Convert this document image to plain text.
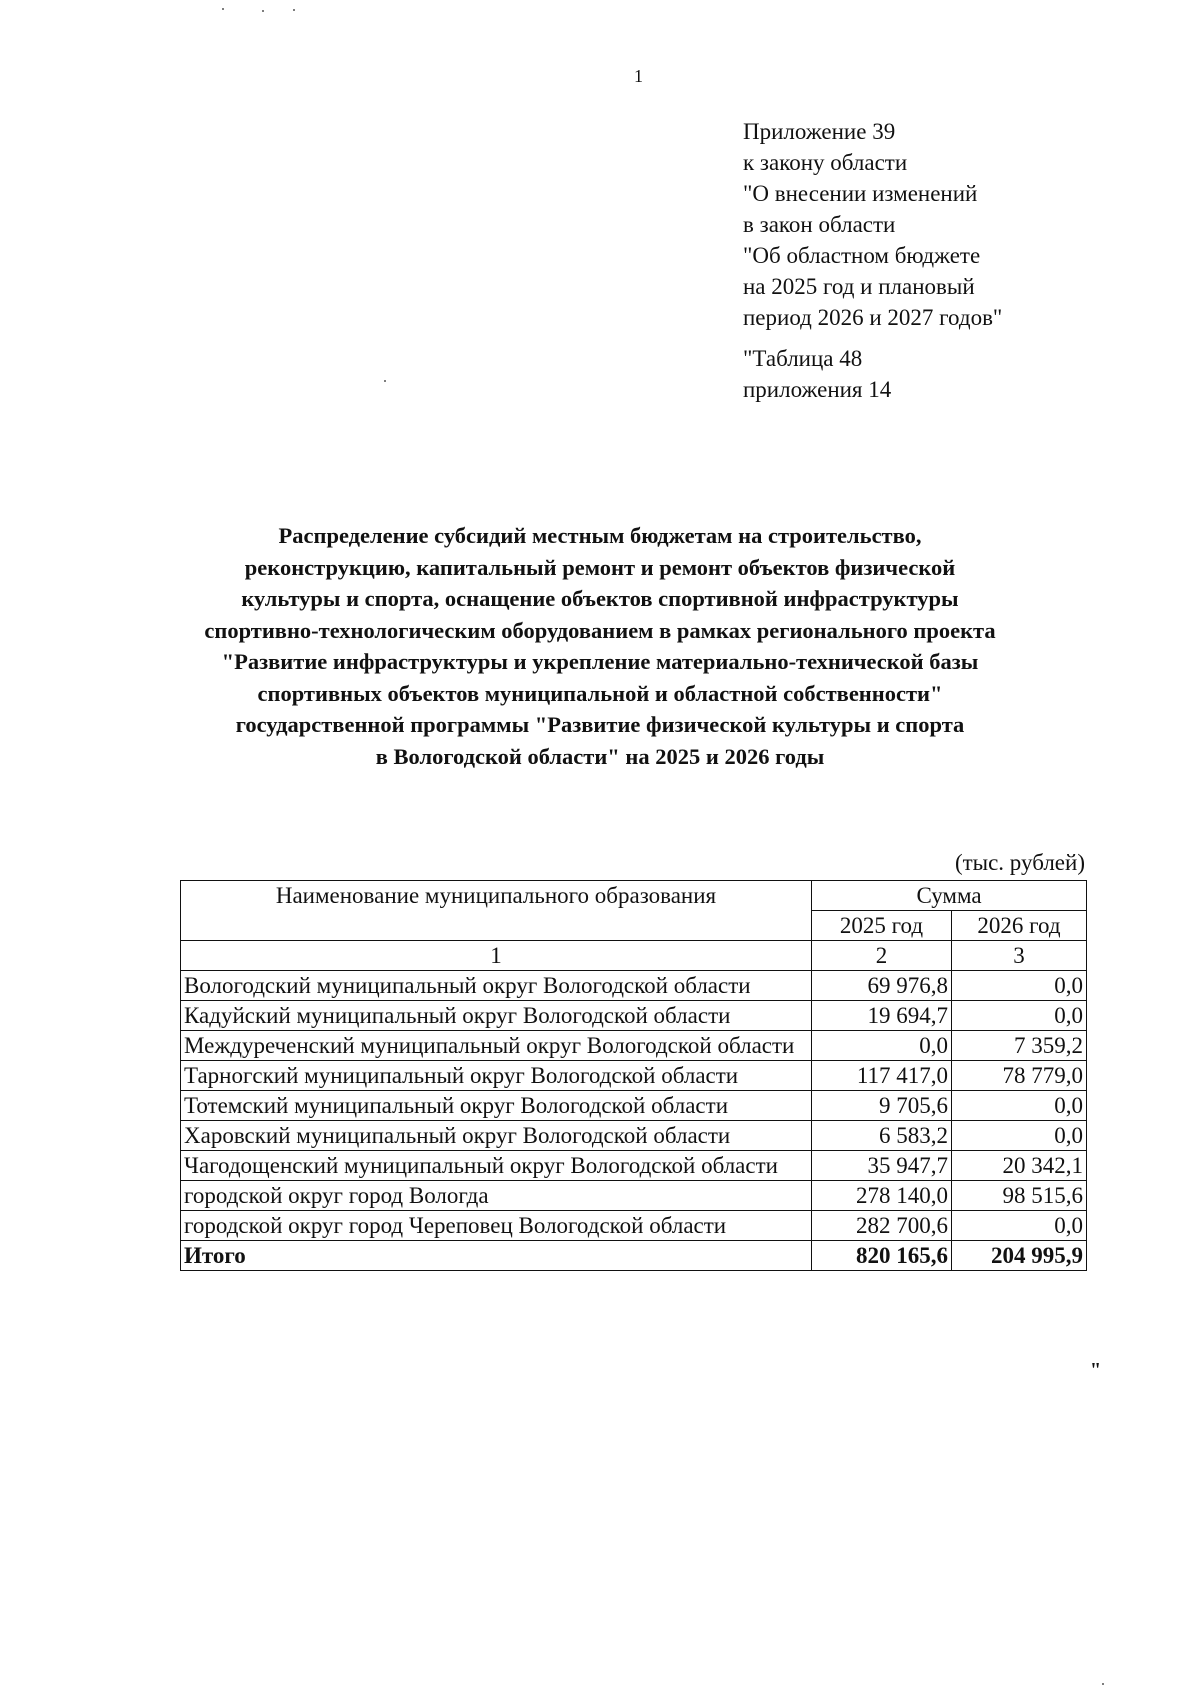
1
Приложение 39
к закону области
"О внесении изменений
в закон области
"Об областном бюджете
на 2025 год и плановый
период 2026 и 2027 годов"
"Таблица 48
приложения 14
Распределение субсидий местным бюджетам на строительство,
реконструкцию, капитальный ремонт и ремонт объектов физической
культуры и спорта, оснащение объектов спортивной инфраструктуры
спортивно-технологическим оборудованием в рамках регионального проекта
"Развитие инфраструктуры и укрепление материально-технической базы
спортивных объектов муниципальной и областной собственности"
государственной программы "Развитие физической культуры и спорта
в Вологодской области" на 2025 и 2026 годы
(тыс. рублей)
Наименование муниципального образования	Сумма	
	2025 год	2026 год
1	2	3
Вологодский муниципальный округ Вологодской области	69 976,8	0,0
Кадуйский муниципальный округ Вологодской области	19 694,7	0,0
Междуреченский муниципальный округ Вологодской области	0,0	7 359,2
Тарногский муниципальный округ Вологодской области	117 417,0	78 779,0
Тотемский муниципальный округ Вологодской области	9 705,6	0,0
Харовский муниципальный округ Вологодской области	6 583,2	0,0
Чагодощенский муниципальный округ Вологодской области	35 947,7	20 342,1
городской округ город Вологда	278 140,0	98 515,6
городской округ город Череповец Вологодской области	282 700,6	0,0
Итого	820 165,6	204 995,9
"
